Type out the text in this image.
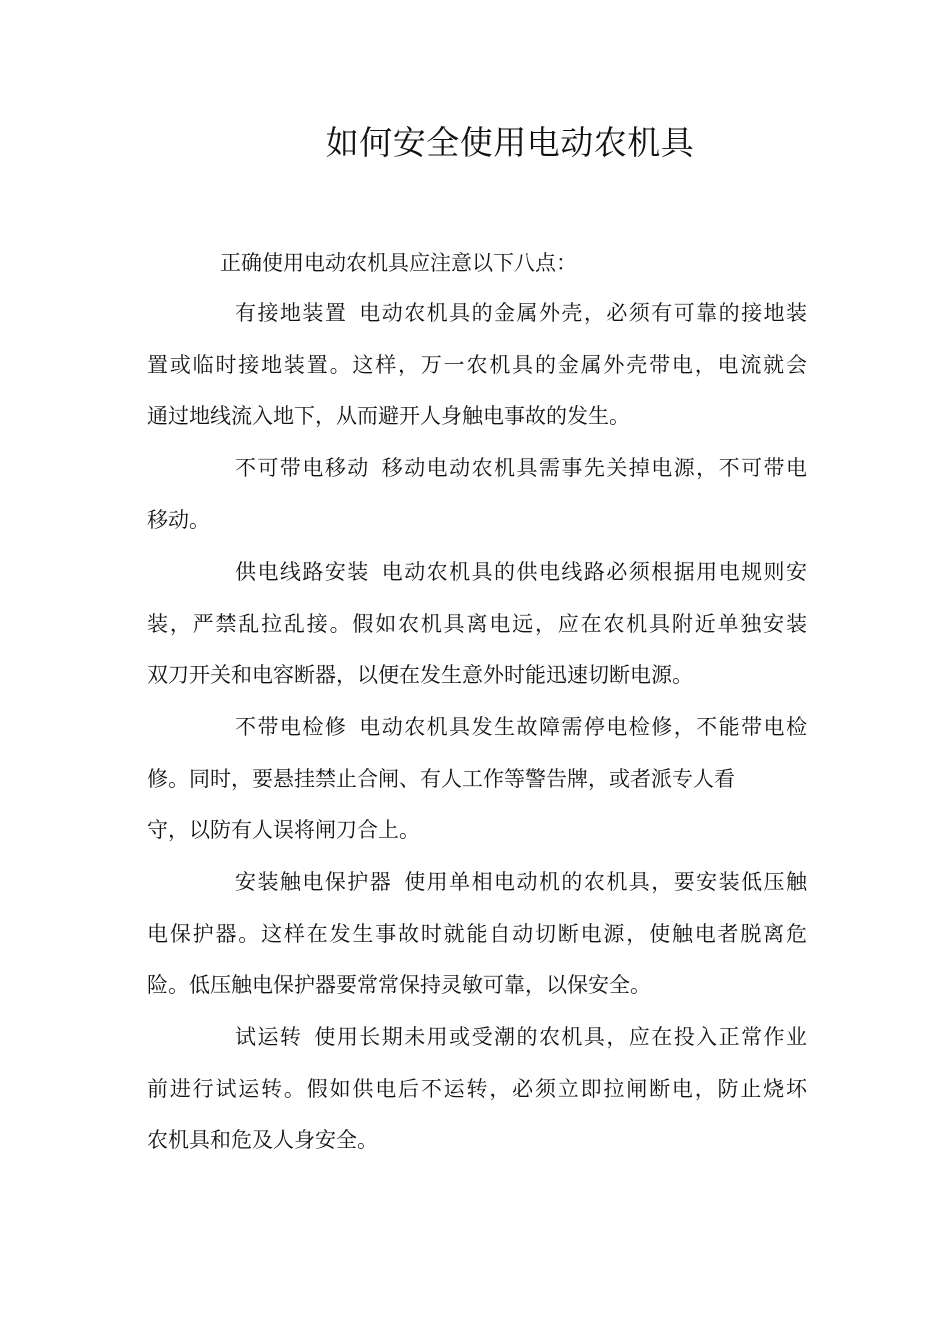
如何安全使用电动农机具
正确使用电动农机具应注意以下八点：
有接地装置 电动农机具的金属外壳，必须有可靠的接地装
置或临时接地装置。这样，万一农机具的金属外壳带电，电流就会
通过地线流入地下，从而避开人身触电事故的发生。
不可带电移动 移动电动农机具需事先关掉电源，不可带电
移动。
供电线路安装 电动农机具的供电线路必须根据用电规则安
装，严禁乱拉乱接。假如农机具离电远，应在农机具附近单独安装
双刀开关和电容断器，以便在发生意外时能迅速切断电源。
不带电检修 电动农机具发生故障需停电检修，不能带电检
修。同时，要悬挂禁止合闸、有人工作等警告牌，或者派专人看
守，以防有人误将闸刀合上。
安装触电保护器 使用单相电动机的农机具，要安装低压触
电保护器。这样在发生事故时就能自动切断电源，使触电者脱离危
险。低压触电保护器要常常保持灵敏可靠，以保安全。
试运转 使用长期未用或受潮的农机具，应在投入正常作业
前进行试运转。假如供电后不运转，必须立即拉闸断电，防止烧坏
农机具和危及人身安全。
